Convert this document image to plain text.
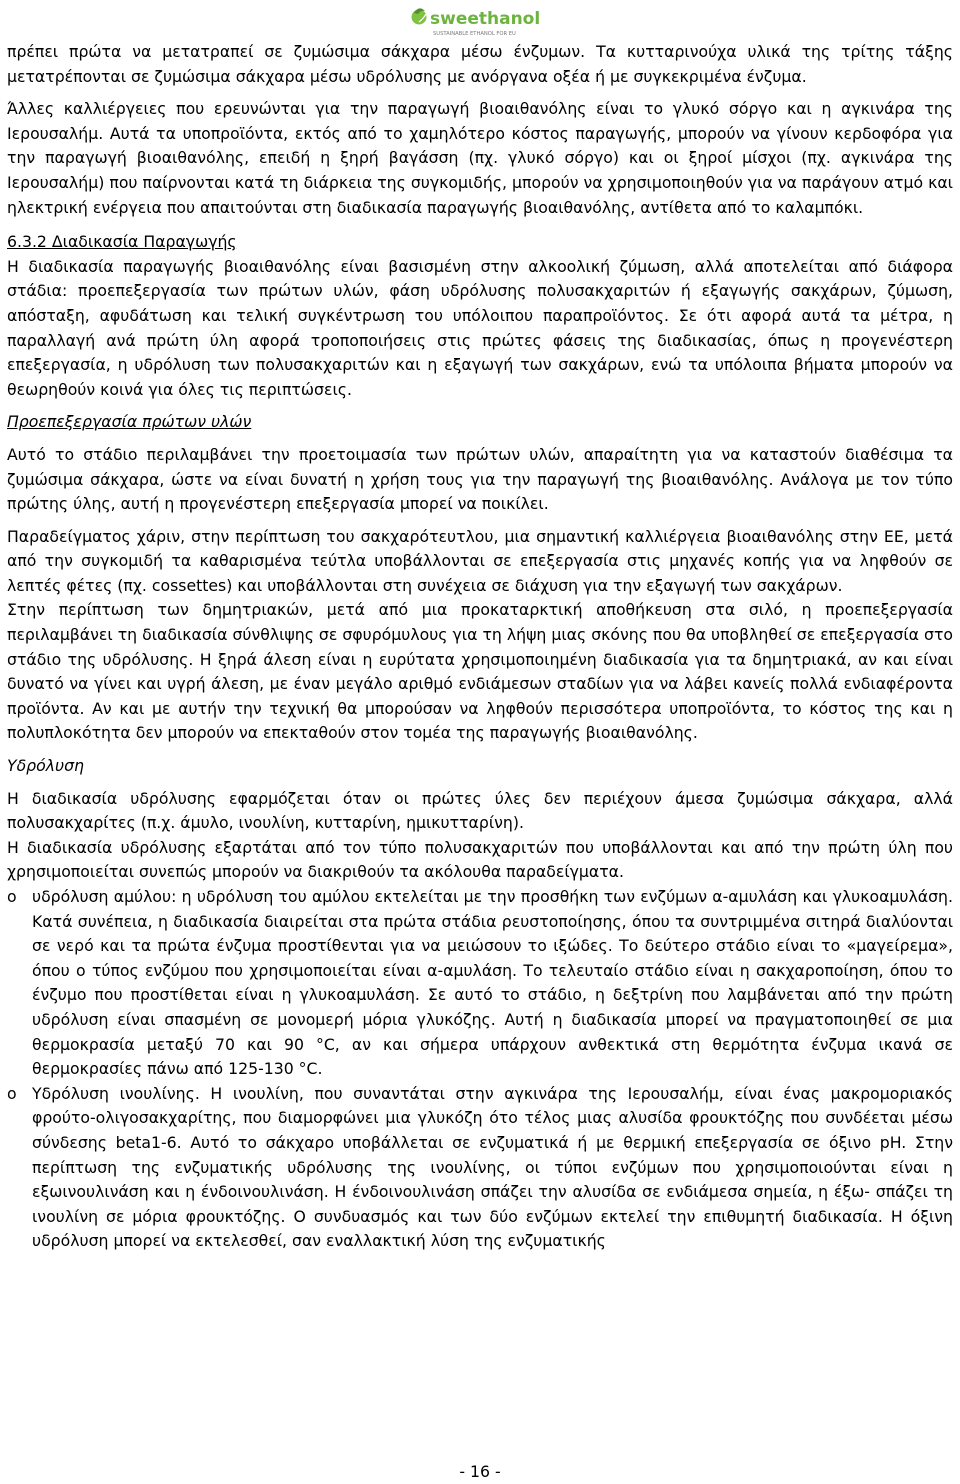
sweethanol
SUSTAINABLE ETHANOL FOR EU

πρέπει πρώτα να μετατραπεί σε ζυμώσιμα σάκχαρα μέσω ένζυμων. Τα κυτταρινούχα υλικά της τρίτης τάξης μετατρέπονται σε ζυμώσιμα σάκχαρα μέσω υδρόλυσης με ανόργανα οξέα ή με συγκεκριμένα ένζυμα.

Άλλες καλλιέργειες που ερευνώνται για την παραγωγή βιοαιθανόλης είναι το γλυκό σόργο και η αγκινάρα της Ιερουσαλήμ. Αυτά τα υποπροϊόντα, εκτός από το χαμηλότερο κόστος παραγωγής, μπορούν να γίνουν κερδοφόρα για την παραγωγή βιοαιθανόλης, επειδή η ξηρή βαγάσση (πχ. γλυκό σόργο) και οι ξηροί μίσχοι (πχ. αγκινάρα της Ιερουσαλήμ) που παίρνονται κατά τη διάρκεια της συγκομιδής, μπορούν να χρησιμοποιηθούν για να παράγουν ατμό και ηλεκτρική ενέργεια που απαιτούνται στη διαδικασία παραγωγής βιοαιθανόλης, αντίθετα από το καλαμπόκι.

6.3.2 Διαδικασία Παραγωγής

Η διαδικασία παραγωγής βιοαιθανόλης είναι βασισμένη στην αλκοολική ζύμωση, αλλά αποτελείται από διάφορα στάδια: προεπεξεργασία των πρώτων υλών, φάση υδρόλυσης πολυσακχαριτών ή εξαγωγής σακχάρων, ζύμωση, απόσταξη, αφυδάτωση και τελική συγκέντρωση του υπόλοιπου παραπροϊόντος. Σε ότι αφορά αυτά τα μέτρα, η παραλλαγή ανά πρώτη ύλη αφορά τροποποιήσεις στις πρώτες φάσεις της διαδικασίας, όπως η προγενέστερη επεξεργασία, η υδρόλυση των πολυσακχαριτών και η εξαγωγή των σακχάρων, ενώ τα υπόλοιπα βήματα μπορούν να θεωρηθούν κοινά για όλες τις περιπτώσεις.

Προεπεξεργασία πρώτων υλών

Αυτό το στάδιο περιλαμβάνει την προετοιμασία των πρώτων υλών, απαραίτητη για να καταστούν διαθέσιμα τα ζυμώσιμα σάκχαρα, ώστε να είναι δυνατή η χρήση τους για την παραγωγή της βιοαιθανόλης. Ανάλογα με τον τύπο πρώτης ύλης, αυτή η προγενέστερη επεξεργασία μπορεί να ποικίλει.

Παραδείγματος χάριν, στην περίπτωση του σακχαρότευτλου, μια σημαντική καλλιέργεια βιοαιθανόλης στην ΕΕ, μετά από την συγκομιδή τα καθαρισμένα τεύτλα υποβάλλονται σε επεξεργασία στις μηχανές κοπής για να ληφθούν σε λεπτές φέτες (πχ. cossettes) και υποβάλλονται στη συνέχεια σε διάχυση για την εξαγωγή των σακχάρων.

Στην περίπτωση των δημητριακών, μετά από μια προκαταρκτική αποθήκευση στα σιλό, η προεπεξεργασία περιλαμβάνει τη διαδικασία σύνθλιψης σε σφυρόμυλους για τη λήψη μιας σκόνης που θα υποβληθεί σε επεξεργασία στο στάδιο της υδρόλυσης. Η ξηρά άλεση είναι η ευρύτατα χρησιμοποιημένη διαδικασία για τα δημητριακά, αν και είναι δυνατό να γίνει και υγρή άλεση, με έναν μεγάλο αριθμό ενδιάμεσων σταδίων για να λάβει κανείς πολλά ενδιαφέροντα προϊόντα. Αν και με αυτήν την τεχνική θα μπορούσαν να ληφθούν περισσότερα υποπροϊόντα, το κόστος της και η πολυπλοκότητα δεν μπορούν να επεκταθούν στον τομέα της παραγωγής βιοαιθανόλης.

Υδρόλυση

Η διαδικασία υδρόλυσης εφαρμόζεται όταν οι πρώτες ύλες δεν περιέχουν άμεσα ζυμώσιμα σάκχαρα, αλλά πολυσακχαρίτες (π.χ. άμυλο, ινουλίνη, κυτταρίνη, ημικυτταρίνη).

Η διαδικασία υδρόλυσης εξαρτάται από τον τύπο πολυσακχαριτών που υποβάλλονται και από την πρώτη ύλη που χρησιμοποιείται συνεπώς μπορούν να διακριθούν τα ακόλουθα παραδείγματα.

o υδρόλυση αμύλου: η υδρόλυση του αμύλου εκτελείται με την προσθήκη των ενζύμων α-αμυλάση και γλυκοαμυλάση. Κατά συνέπεια, η διαδικασία διαιρείται στα πρώτα στάδια ρευστοποίησης, όπου τα συντριμμένα σιτηρά διαλύονται σε νερό και τα πρώτα ένζυμα προστίθενται για να μειώσουν το ιξώδες. Το δεύτερο στάδιο είναι το «μαγείρεμα», όπου ο τύπος ενζύμου που χρησιμοποιείται είναι α-αμυλάση. Το τελευταίο στάδιο είναι η σακχαροποίηση, όπου το ένζυμο που προστίθεται είναι η γλυκοαμυλάση. Σε αυτό το στάδιο, η δεξτρίνη που λαμβάνεται από την πρώτη υδρόλυση είναι σπασμένη σε μονομερή μόρια γλυκόζης. Αυτή η διαδικασία μπορεί να πραγματοποιηθεί σε μια θερμοκρασία μεταξύ 70 και 90 °C, αν και σήμερα υπάρχουν ανθεκτικά στη θερμότητα ένζυμα ικανά σε θερμοκρασίες πάνω από 125-130 °C.
o Υδρόλυση ινουλίνης. Η ινουλίνη, που συναντάται στην αγκινάρα της Ιερουσαλήμ, είναι ένας μακρομοριακός φρούτο-ολιγοσακχαρίτης, που διαμορφώνει μια γλυκόζη ότο τέλος μιας αλυσίδα φρουκτόζης που συνδέεται μέσω σύνδεσης beta1-6. Αυτό το σάκχαρο υποβάλλεται σε ενζυματικά ή με θερμική επεξεργασία σε όξινο pH. Στην περίπτωση της ενζυματικής υδρόλυσης της ινουλίνης, οι τύποι ενζύμων που χρησιμοποιούνται είναι η εξωινουλινάση και η ένδοινουλινάση. Η ένδοινουλινάση σπάζει την αλυσίδα σε ενδιάμεσα σημεία, η έξω- σπάζει τη ινουλίνη σε μόρια φρουκτόζης. Ο συνδυασμός και των δύο ενζύμων εκτελεί την επιθυμητή διαδικασία. Η όξινη υδρόλυση μπορεί να εκτελεσθεί, σαν εναλλακτική λύση της ενζυματικής
- 16 -
